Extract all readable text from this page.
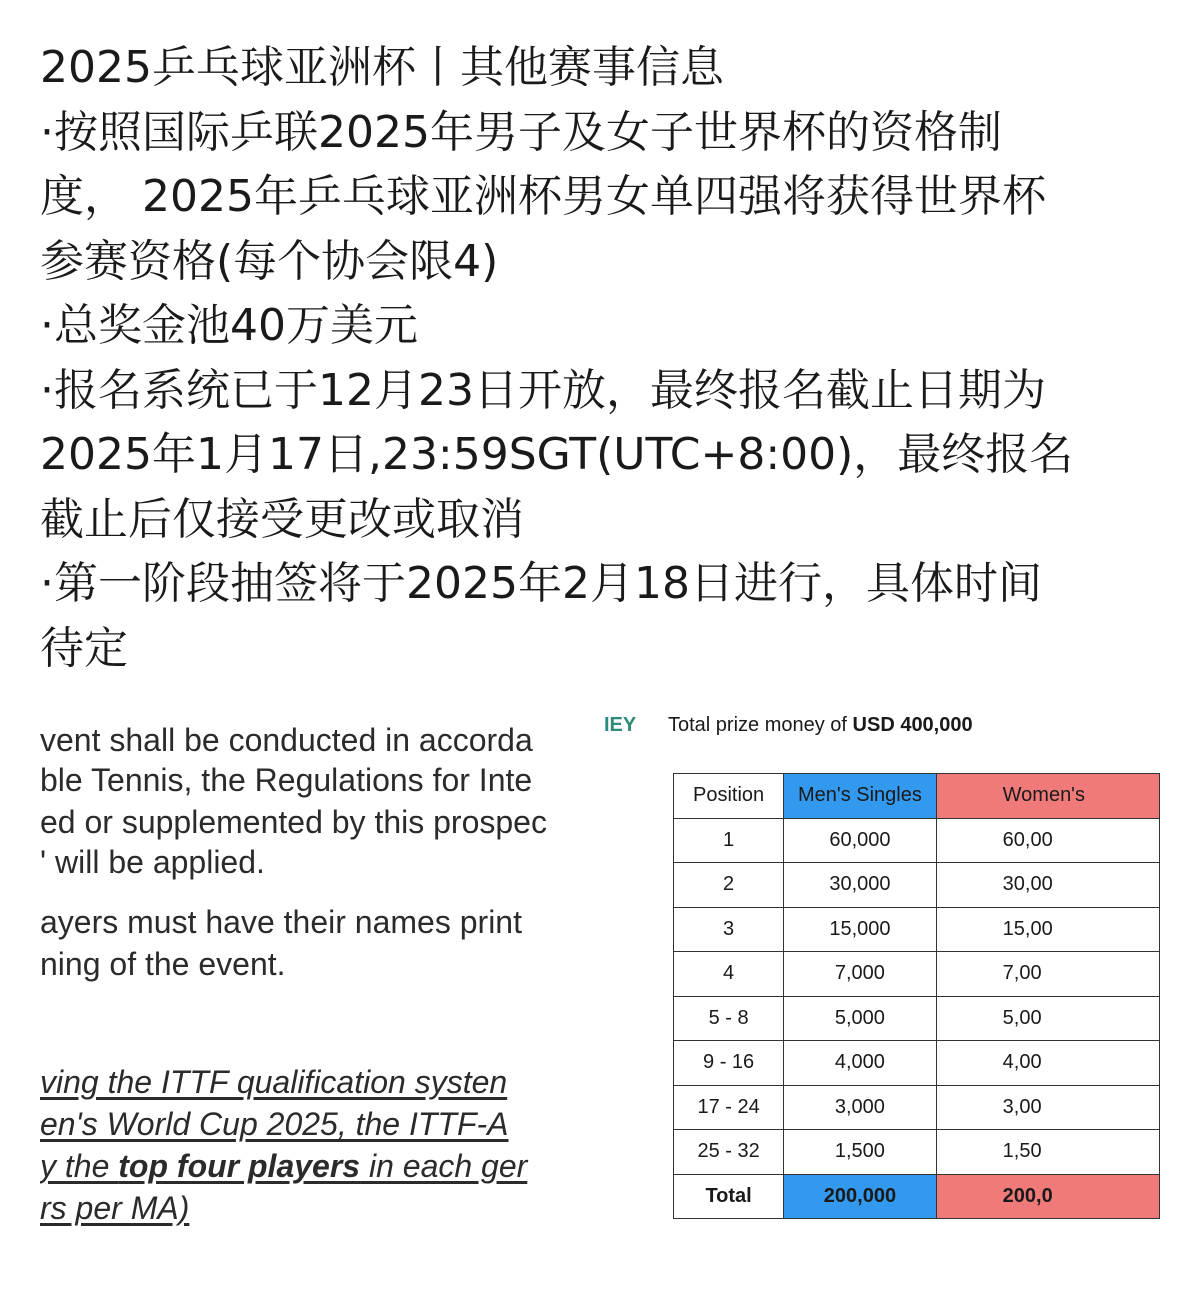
2025乒乓球亚洲杯丨其他赛事信息
·按照国际乒联2025年男子及女子世界杯的资格制
度， 2025年乒乓球亚洲杯男女单四强将获得世界杯
参赛资格(每个协会限4)
·总奖金池40万美元
·报名系统已于12月23日开放，最终报名截止日期为
2025年1月17日,23:59SGT(UTC+8:00)，最终报名
截止后仅接受更改或取消
·第一阶段抽签将于2025年2月18日进行，具体时间
待定
vent shall be conducted in accorda
ble Tennis, the Regulations for Inte
ed or supplemented by this prospec
' will be applied.
ayers must have their names print
ning of the event.
ving the ITTF qualification systen
en's World Cup 2025, the ITTF-A
y the top four players in each ger
rs per MA)
IEY Total prize money of USD 400,000
Position	Men's Singles	Women's
1	60,000	60,00
2	30,000	30,00
3	15,000	15,00
4	7,000	7,00
5 - 8	5,000	5,00
9 - 16	4,000	4,00
17 - 24	3,000	3,00
25 - 32	1,500	1,50
Total	200,000	200,0
